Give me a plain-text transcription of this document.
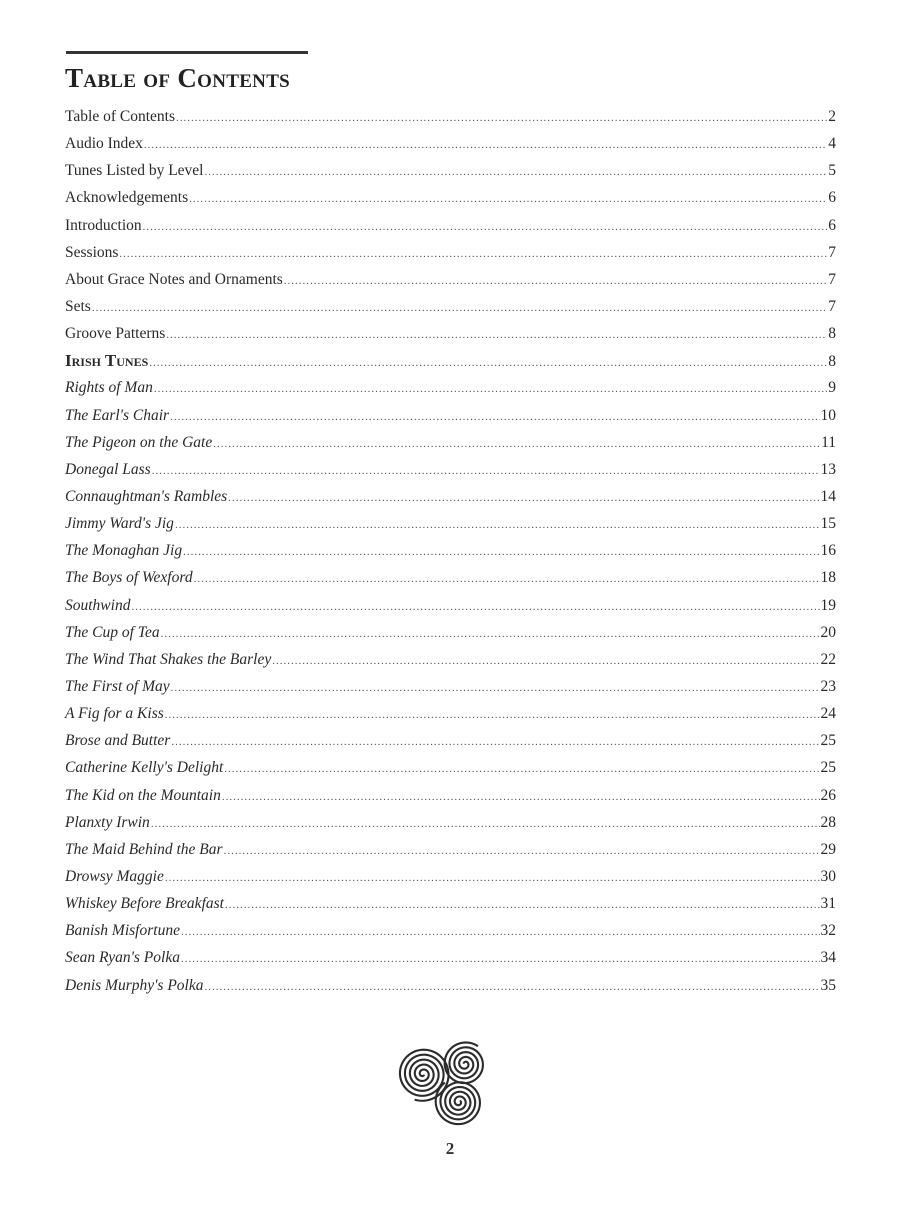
Table of Contents
Table of Contents .....	2
Audio Index .....	4
Tunes Listed by Level .....	5
Acknowledgements .....	6
Introduction .....	6
Sessions .....	7
About Grace Notes and Ornaments .....	7
Sets .....	7
Groove Patterns .....	8
Irish Tunes .....	8
Rights of Man .....	9
The Earl's Chair .....	10
The Pigeon on the Gate .....	11
Donegal Lass .....	13
Connaughtman's Rambles .....	14
Jimmy Ward's Jig .....	15
The Monaghan Jig .....	16
The Boys of Wexford .....	18
Southwind .....	19
The Cup of Tea .....	20
The Wind That Shakes the Barley .....	22
The First of May .....	23
A Fig for a Kiss .....	24
Brose and Butter .....	25
Catherine Kelly's Delight .....	25
The Kid on the Mountain .....	26
Planxty Irwin .....	28
The Maid Behind the Bar .....	29
Drowsy Maggie .....	30
Whiskey Before Breakfast .....	31
Banish Misfortune .....	32
Sean Ryan's Polka .....	34
Denis Murphy's Polka .....	35
2
